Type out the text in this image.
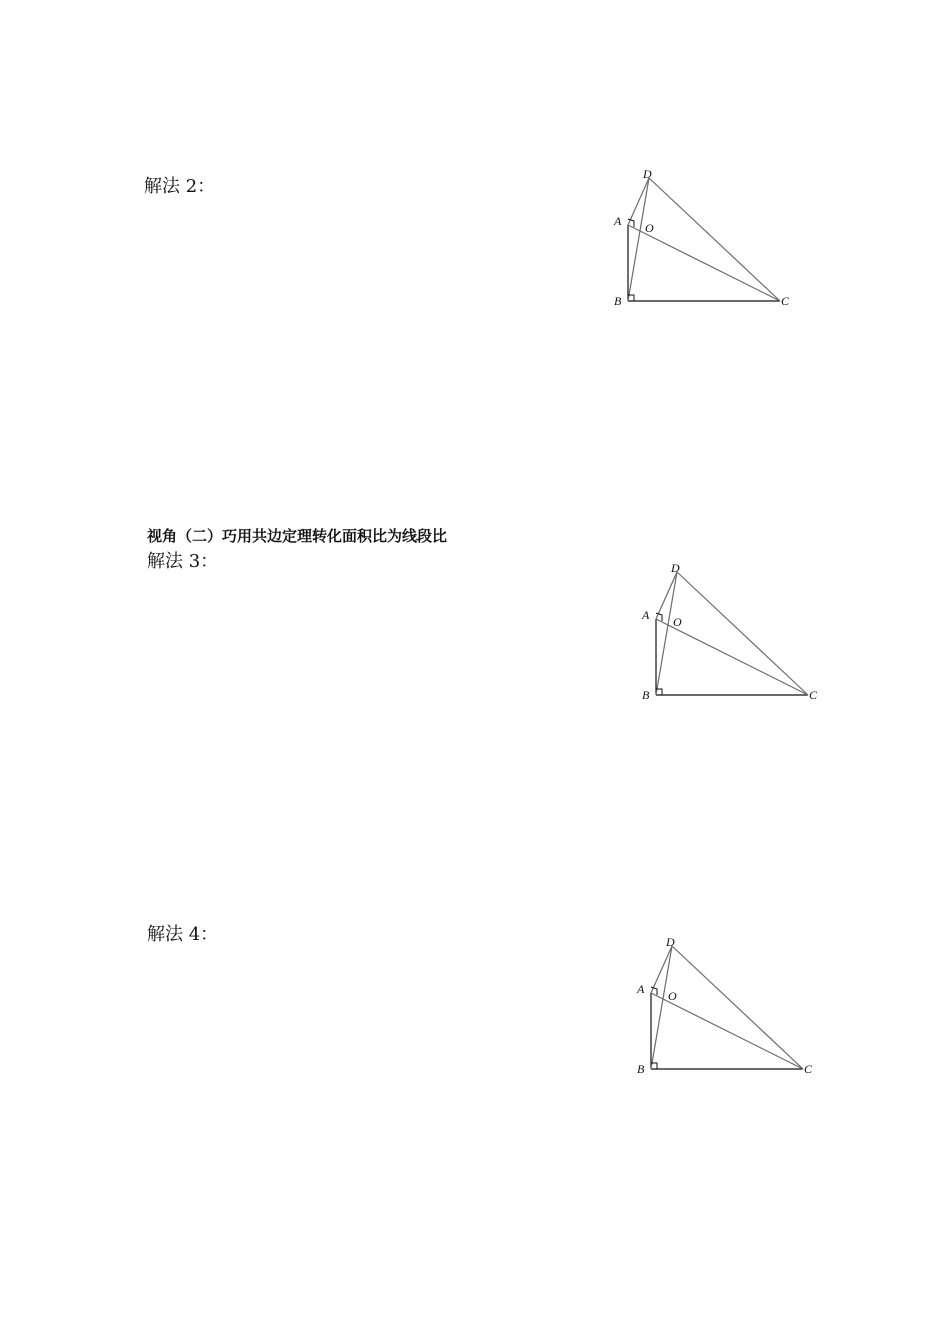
解法 2：
D
A O
B	C
视角（二）巧用共边定理转化面积比为线段比
解法 3：	D
A O
B	C
解法 4：	D
A O
B	C
